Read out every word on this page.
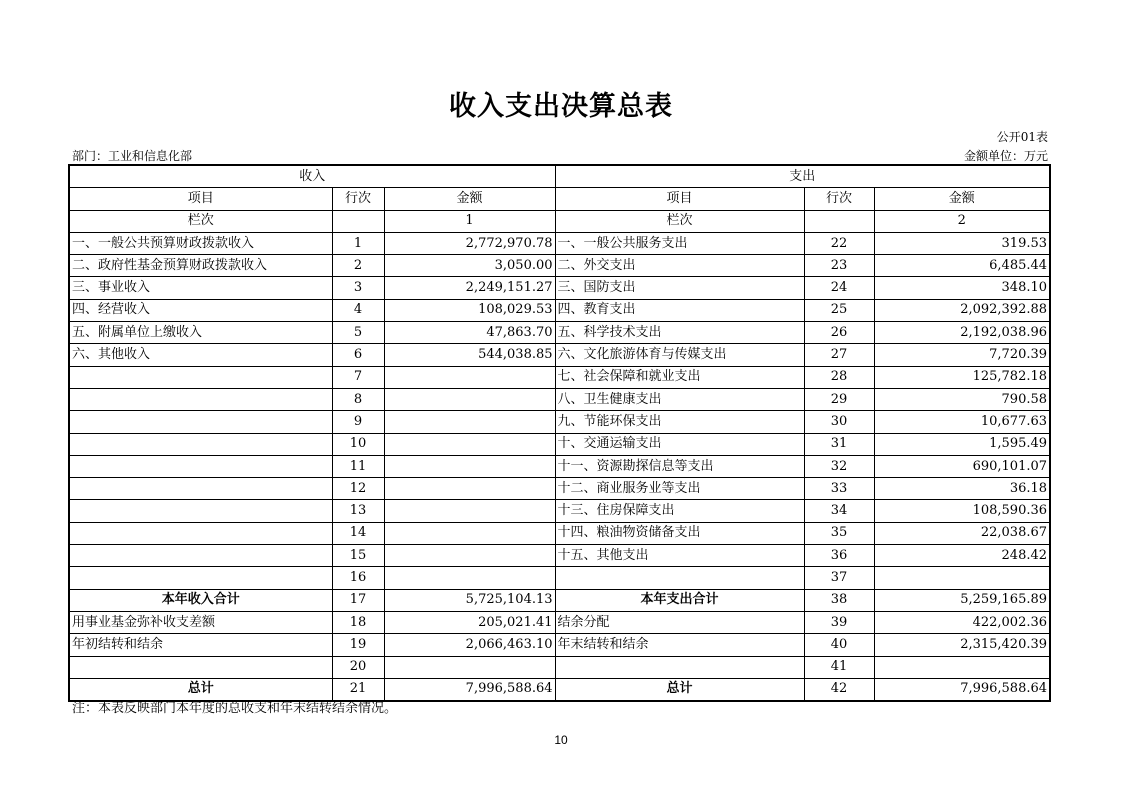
收入支出决算总表
公开01表
部门：工业和信息化部	金额单位：万元
收入			支出		
项目	行次	金额	项目	行次	金额
栏次		1	栏次		2
一、一般公共预算财政拨款收入	1	2,772,970.78	一、一般公共服务支出	22	319.53
二、政府性基金预算财政拨款收入	2	3,050.00	二、外交支出	23	6,485.44
三、事业收入	3	2,249,151.27	三、国防支出	24	348.10
四、经营收入	4	108,029.53	四、教育支出	25	2,092,392.88
五、附属单位上缴收入	5	47,863.70	五、科学技术支出	26	2,192,038.96
六、其他收入	6	544,038.85	六、文化旅游体育与传媒支出	27	7,720.39
	7		七、社会保障和就业支出	28	125,782.18
	8		八、卫生健康支出	29	790.58
	9		九、节能环保支出	30	10,677.63
	10		十、交通运输支出	31	1,595.49
	11		十一、资源勘探信息等支出	32	690,101.07
	12		十二、商业服务业等支出	33	36.18
	13		十三、住房保障支出	34	108,590.36
	14		十四、粮油物资储备支出	35	22,038.67
	15		十五、其他支出	36	248.42
	16			37	
本年收入合计	17	5,725,104.13	本年支出合计	38	5,259,165.89
用事业基金弥补收支差额	18	205,021.41	结余分配	39	422,002.36
年初结转和结余	19	2,066,463.10	年末结转和结余	40	2,315,420.39
	20			41	
总计	21	7,996,588.64	总计	42	7,996,588.64
注：本表反映部门本年度的总收支和年末结转结余情况。
10
